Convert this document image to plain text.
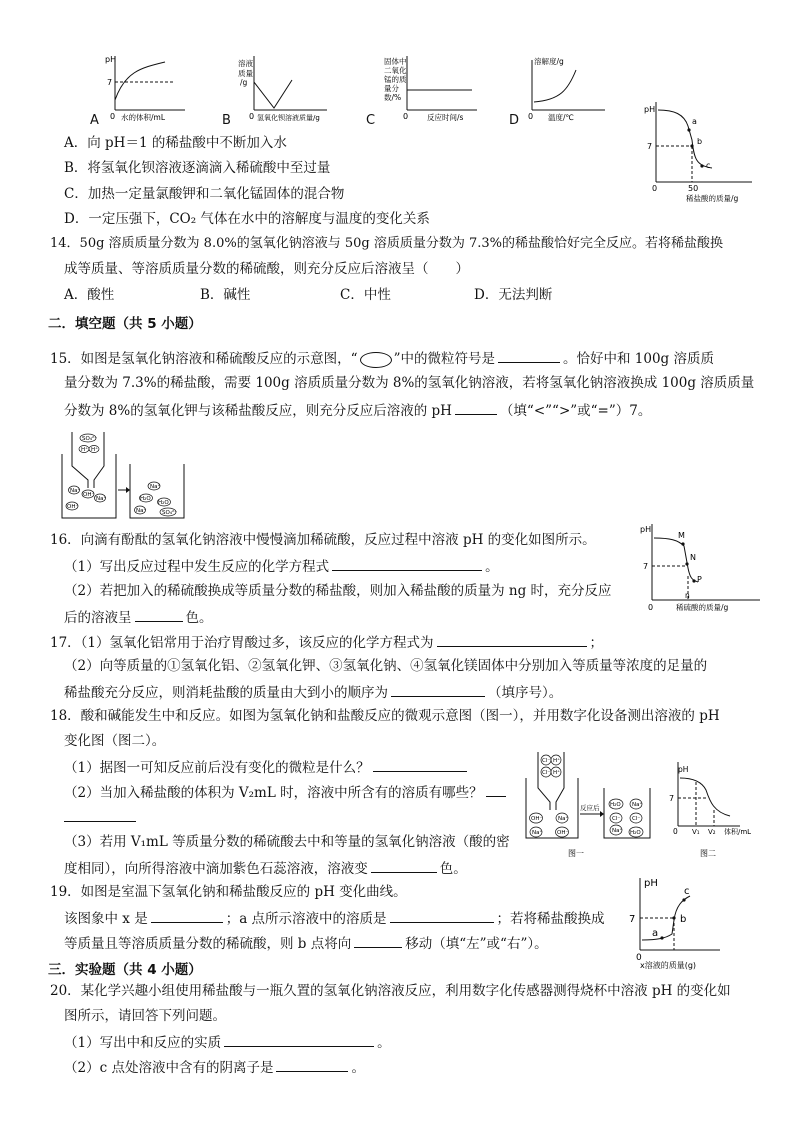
pH
7
0 水的体积/mL
溶液
质量
/g
0 氢氧化钡溶液质量/g
固体中
二氧化
锰的质
量分
数/%
0	反应时间/s
溶解度/g
0 温度/℃
A	B	C	D
pH
7
a
b
c
0	50
稀盐酸的质量/g
A．向 pH＝1 的稀盐酸中不断加入水
B．将氢氧化钡溶液逐滴滴入稀硫酸中至过量
C．加热一定量氯酸钾和二氧化锰固体的混合物
D．一定压强下，CO₂ 气体在水中的溶解度与温度的变化关系
14．50g 溶质质量分数为 8.0%的氢氧化钠溶液与 50g 溶质质量分数为 7.3%的稀盐酸恰好完全反应。若将稀盐酸换
成等质量、等溶质质量分数的稀硫酸，则充分反应后溶液呈（　　）
A．酸性	B．碱性	C．中性	D．无法判断
二．填空题（共 5 小题）
15．如图是氢氧化钠溶液和稀硫酸反应的示意图，“	”中的微粒符号是	。恰好中和 100g 溶质质
量分数为 7.3%的稀盐酸，需要 100g 溶质质量分数为 8%的氢氧化钠溶液，若将氢氧化钠溶液换成 100g 溶质质量
分数为 8%的氢氧化钾与该稀盐酸反应，则充分反应后溶液的 pH	（填“<”“>”或“=”）7。
SO₄²⁻
H⁺ H⁺
Na⁺
Na⁺
OH⁻
OH⁻
Na⁺
H₂O
H₂O
Na⁺	SO₄²⁻
16．向滴有酚酞的氢氧化钠溶液中慢慢滴加稀硫酸，反应过程中溶液 pH 的变化如图所示。
（1）写出反应过程中发生反应的化学方程式	。
（2）若把加入的稀硫酸换成等质量分数的稀盐酸，则加入稀盐酸的质量为 ng 时，充分反应
后的溶液呈	色。
pH
7
M
N
P
n
0	稀硫酸的质量/g
17．（1）氢氧化铝常用于治疗胃酸过多，该反应的化学方程式为	；
（2）向等质量的①氢氧化铝、②氢氧化钾、③氢氧化钠、④氢氧化镁固体中分别加入等质量等浓度的足量的
稀盐酸充分反应，则消耗盐酸的质量由大到小的顺序为	（填序号）。
18．酸和碱能发生中和反应。如图为氢氧化钠和盐酸反应的微观示意图（图一），并用数字化设备测出溶液的 pH
变化图（图二）。
（1）据图一可知反应前后没有变化的微粒是什么？
（2）当加入稀盐酸的体积为 V₂mL 时，溶液中所含有的溶质有哪些？
（3）若用 V₁mL 等质量分数的稀硫酸去中和等量的氢氧化钠溶液（酸的密
度相同），向所得溶液中滴加紫色石蕊溶液，溶液变	色。
反应后
Cl⁻ H⁺
Cl⁻ H⁺
OH⁻	Na⁺
Na⁺	OH⁻
H₂O Na⁺
Cl⁻
Na⁺ H₂O
Cl⁻
图一
pH
7
0 V₁ V₂ 体积/mL
图二
19．如图是室温下氢氧化钠和稀盐酸反应的 pH 变化曲线。
该图象中 x 是	；a 点所示溶液中的溶质是	；若将稀盐酸换成
等质量且等溶质质量分数的稀硫酸，则 b 点将向	移动（填“左”或“右”）。
pH
7
a
b
c
0
x溶液的质量(g)
三．实验题（共 4 小题）
20．某化学兴趣小组使用稀盐酸与一瓶久置的氢氧化钠溶液反应，利用数字化传感器测得烧杯中溶液 pH 的变化如
图所示，请回答下列问题。
（1）写出中和反应的实质	。
（2）c 点处溶液中含有的阴离子是	。
